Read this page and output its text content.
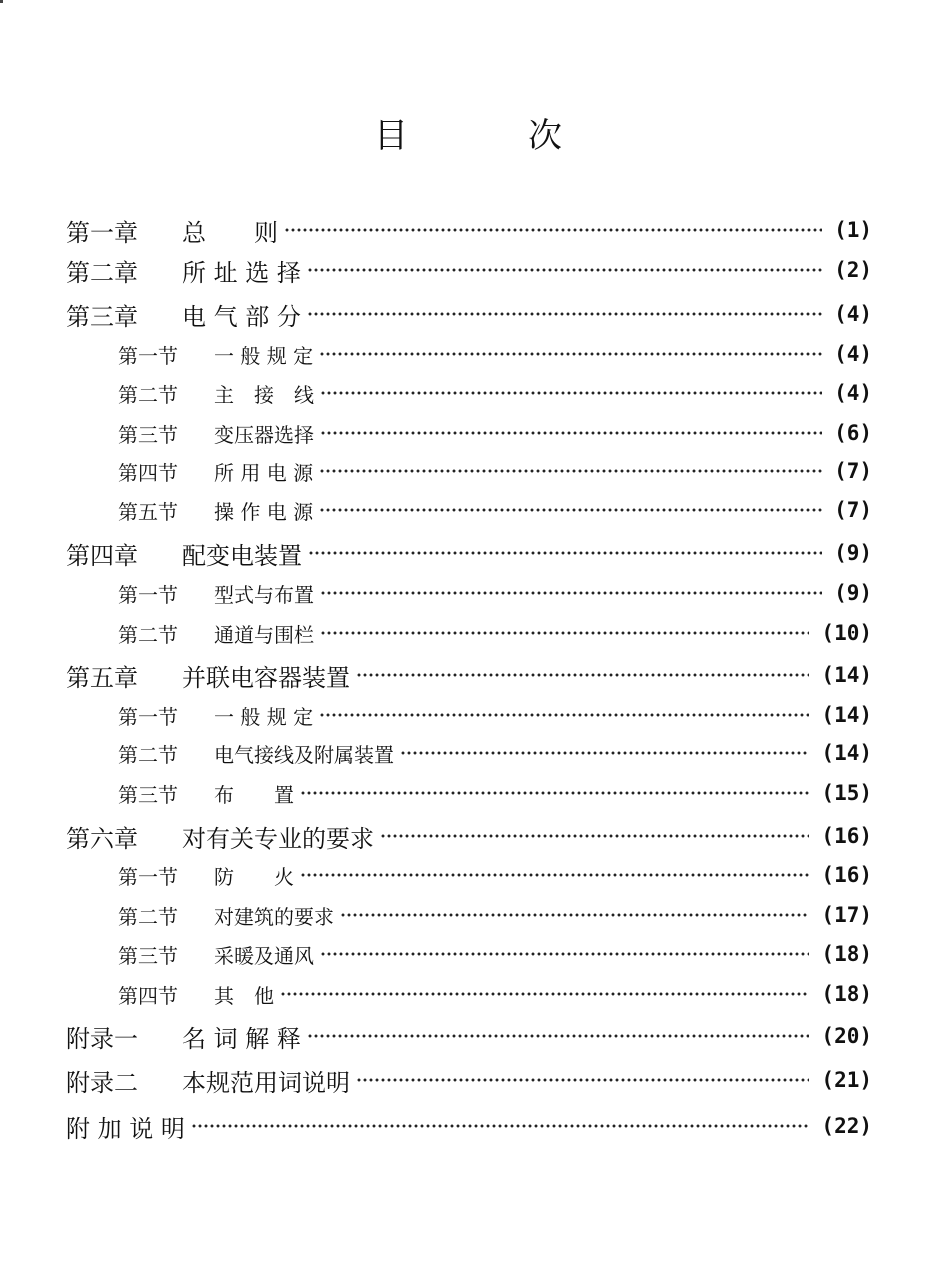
目	次
第一章	总　　则	(1)
第二章	所 址 选 择	(2)
第三章	电 气 部 分	(4)
第一节	一 般 规 定	(4)
第二节	主　接　线	(4)
第三节	变压器选择	(6)
第四节	所 用 电 源	(7)
第五节	操 作 电 源	(7)
第四章	配变电装置	(9)
第一节	型式与布置	(9)
第二节	通道与围栏	(10)
第五章	并联电容器装置	(14)
第一节	一 般 规 定	(14)
第二节	电气接线及附属装置	(14)
第三节	布　　置	(15)
第六章	对有关专业的要求	(16)
第一节	防　　火	(16)
第二节	对建筑的要求	(17)
第三节	采暖及通风	(18)
第四节	其　他	(18)
附录一	名 词 解 释	(20)
附录二	本规范用词说明	(21)
附 加 说 明	(22)
